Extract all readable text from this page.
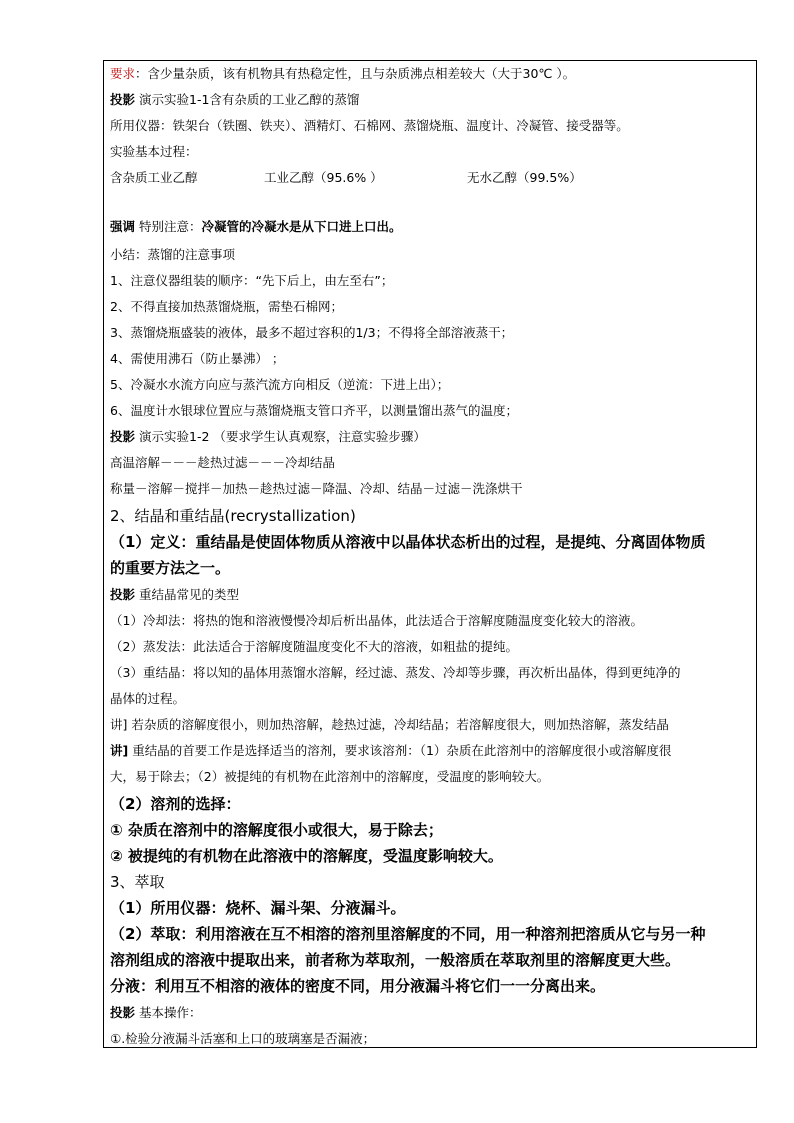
要求：含少量杂质，该有机物具有热稳定性，且与杂质沸点相差较大（大于30℃ ）。
投影 演示实验1-1含有杂质的工业乙醇的蒸馏
所用仪器：铁架台（铁圈、铁夹）、酒精灯、石棉网、蒸馏烧瓶、温度计、冷凝管、接受器等。
实验基本过程：
含杂质工业乙醇	工业乙醇（95.6% ）	无水乙醇（99.5%）
强调 特别注意：冷凝管的冷凝水是从下口进上口出。
小结：蒸馏的注意事项
1、注意仪器组装的顺序：“先下后上，由左至右”；
2、不得直接加热蒸馏烧瓶，需垫石棉网；
3、蒸馏烧瓶盛装的液体，最多不超过容积的1/3；不得将全部溶液蒸干；
4、需使用沸石（防止暴沸） ；
5、冷凝水水流方向应与蒸汽流方向相反（逆流：下进上出）；
6、温度计水银球位置应与蒸馏烧瓶支管口齐平，以测量馏出蒸气的温度；
投影 演示实验1-2 （要求学生认真观察，注意实验步骤）
高温溶解－－－趁热过滤－－－冷却结晶
称量－溶解－搅拌－加热－趁热过滤－降温、冷却、结晶－过滤－洗涤烘干
2、结晶和重结晶(recrystallization)
（1）定义：重结晶是使固体物质从溶液中以晶体状态析出的过程，是提纯、分离固体物质
的重要方法之一。
投影 重结晶常见的类型
（1）冷却法：将热的饱和溶液慢慢冷却后析出晶体，此法适合于溶解度随温度变化较大的溶液。
（2）蒸发法：此法适合于溶解度随温度变化不大的溶液，如粗盐的提纯。
（3）重结晶：将以知的晶体用蒸馏水溶解，经过滤、蒸发、冷却等步骤，再次析出晶体，得到更纯净的
晶体的过程。
讲] 若杂质的溶解度很小，则加热溶解，趁热过滤，冷却结晶；若溶解度很大，则加热溶解，蒸发结晶
讲] 重结晶的首要工作是选择适当的溶剂，要求该溶剂：（1）杂质在此溶剂中的溶解度很小或溶解度很
大，易于除去；（2）被提纯的有机物在此溶剂中的溶解度，受温度的影响较大。
（2）溶剂的选择：
① 杂质在溶剂中的溶解度很小或很大，易于除去；
② 被提纯的有机物在此溶液中的溶解度，受温度影响较大。
3、萃取
（1）所用仪器：烧杯、漏斗架、分液漏斗。
（2）萃取：利用溶液在互不相溶的溶剂里溶解度的不同，用一种溶剂把溶质从它与另一种
溶剂组成的溶液中提取出来，前者称为萃取剂，一般溶质在萃取剂里的溶解度更大些。
分液：利用互不相溶的液体的密度不同，用分液漏斗将它们一一分离出来。
投影 基本操作：
①.检验分液漏斗活塞和上口的玻璃塞是否漏液；
